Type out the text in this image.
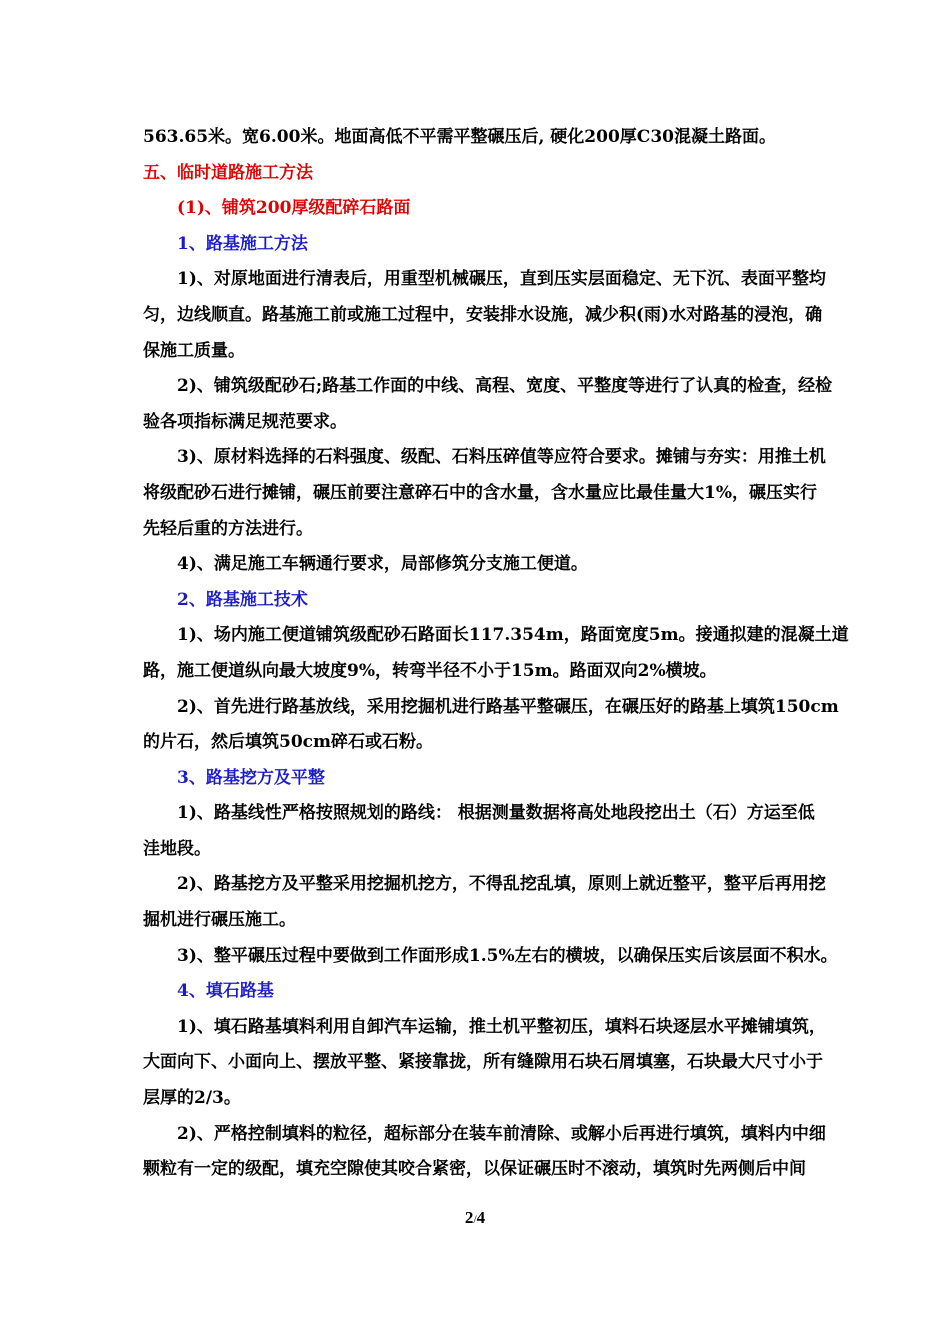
563.65米。宽6.00米。地面高低不平需平整碾压后, 硬化200厚C30混凝土路面。
五、临时道路施工方法
(1)、铺筑200厚级配碎石路面
1、路基施工方法
1)、对原地面进行清表后，用重型机械碾压，直到压实层面稳定、无下沉、表面平整均
匀，边线顺直。路基施工前或施工过程中，安装排水设施，减少积(雨)水对路基的浸泡，确
保施工质量。
2)、铺筑级配砂石;路基工作面的中线、高程、宽度、平整度等进行了认真的检查，经检
验各项指标满足规范要求。
3)、原材料选择的石料强度、级配、石料压碎值等应符合要求。摊铺与夯实：用推土机
将级配砂石进行摊铺，碾压前要注意碎石中的含水量，含水量应比最佳量大1%，碾压实行
先轻后重的方法进行。
4)、满足施工车辆通行要求，局部修筑分支施工便道。
2、路基施工技术
1)、场内施工便道铺筑级配砂石路面长117.354m，路面宽度5m。接通拟建的混凝土道
路，施工便道纵向最大坡度9%，转弯半径不小于15m。路面双向2%横坡。
2)、首先进行路基放线，采用挖掘机进行路基平整碾压，在碾压好的路基上填筑150cm
的片石，然后填筑50cm碎石或石粉。
3、路基挖方及平整
1)、路基线性严格按照规划的路线： 根据测量数据将高处地段挖出土（石）方运至低
洼地段。
2)、路基挖方及平整采用挖掘机挖方，不得乱挖乱填，原则上就近整平，整平后再用挖
掘机进行碾压施工。
3)、整平碾压过程中要做到工作面形成1.5%左右的横坡，以确保压实后该层面不积水。
4、填石路基
1)、填石路基填料利用自卸汽车运输，推土机平整初压，填料石块逐层水平摊铺填筑，
大面向下、小面向上、摆放平整、紧接靠拢，所有缝隙用石块石屑填塞，石块最大尺寸小于
层厚的2/3。
2)、严格控制填料的粒径，超标部分在装车前清除、或解小后再进行填筑，填料内中细
颗粒有一定的级配，填充空隙使其咬合紧密，以保证碾压时不滚动，填筑时先两侧后中间
2/4
